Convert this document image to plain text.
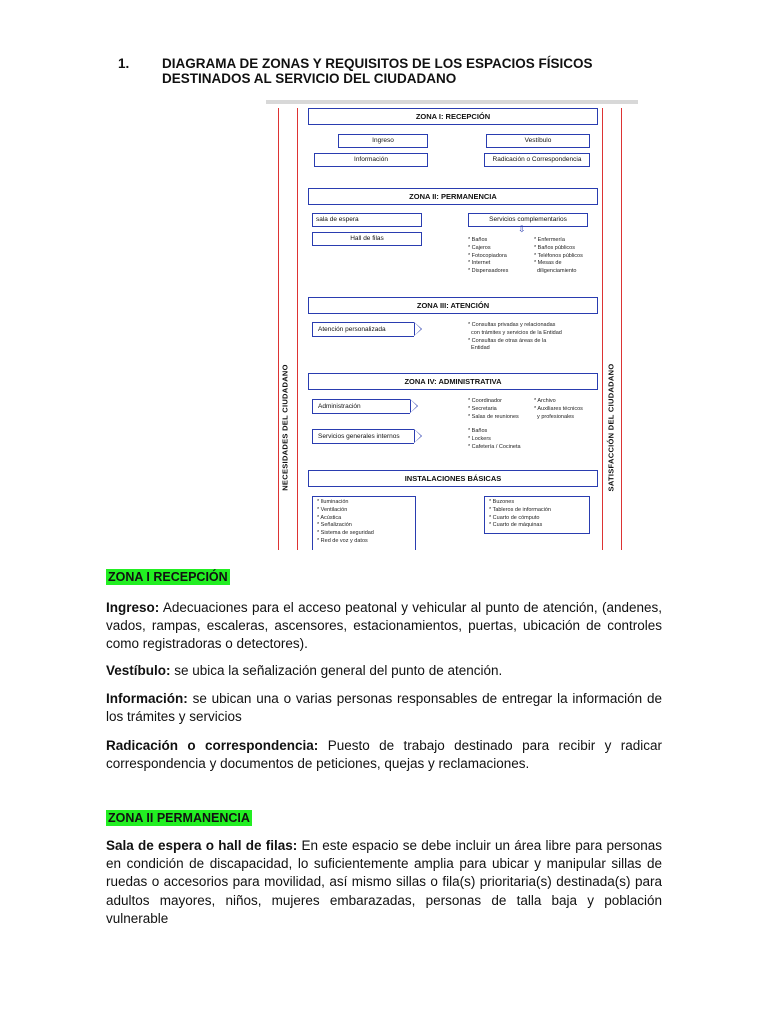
1. DIAGRAMA DE ZONAS Y REQUISITOS DE LOS ESPACIOS FÍSICOS DESTINADOS AL SERVICIO DEL CIUDADANO
NECESIDADES DEL CIUDADANO	SATISFACCIÓN DEL CIUDADANO
ZONA I: RECEPCIÓN
Ingreso	Vestíbulo
Información	Radicación o Correspondencia
ZONA II: PERMANENCIA
sala de espera	Servicios complementarios
⇩
Hall de filas	* Baños
* Cajeros
* Fotocopiadora
* Internet
* Dispensadores
* Enfermería
* Baños públicos
* Teléfonos públicos
* Mesas de
diligenciamiento
ZONA III: ATENCIÓN
Atención personalizada
* Consultas privadas y relacionadas
con trámites y servicios de la Entidad
* Consultas de otras áreas de la
Entidad
ZONA IV: ADMINISTRATIVA
Administración
* Coordinador
* Secretaria
* Salas de reuniones
* Archivo
* Auxiliares técnicos
y profesionales
Servicios generales internos
* Baños
* Lockers
* Cafetería / Cocineta
INSTALACIONES BÁSICAS
* Iluminación
* Ventilación
* Acústica
* Señalización
* Sistema de seguridad
* Red de voz y datos
* Buzones
* Tableros de información
* Cuarto de cómputo
* Cuarto de máquinas
ZONA I RECEPCIÓN
Ingreso: Adecuaciones para el acceso peatonal y vehicular al punto de atención, (andenes, vados, rampas, escaleras, ascensores, estacionamientos, puertas, ubicación de controles como registradoras o detectores).
Vestíbulo: se ubica la señalización general del punto de atención.
Información: se ubican una o varias personas responsables de entregar la información de los trámites y servicios
Radicación o correspondencia: Puesto de trabajo destinado para recibir y radicar correspondencia y documentos de peticiones, quejas y reclamaciones.
ZONA II PERMANENCIA
Sala de espera o hall de filas: En este espacio se debe incluir un área libre para personas en condición de discapacidad, lo suficientemente amplia para ubicar y manipular sillas de ruedas o accesorios para movilidad, así mismo sillas o fila(s) prioritaria(s) destinada(s) para adultos mayores, niños, mujeres embarazadas, personas de talla baja y población vulnerable
